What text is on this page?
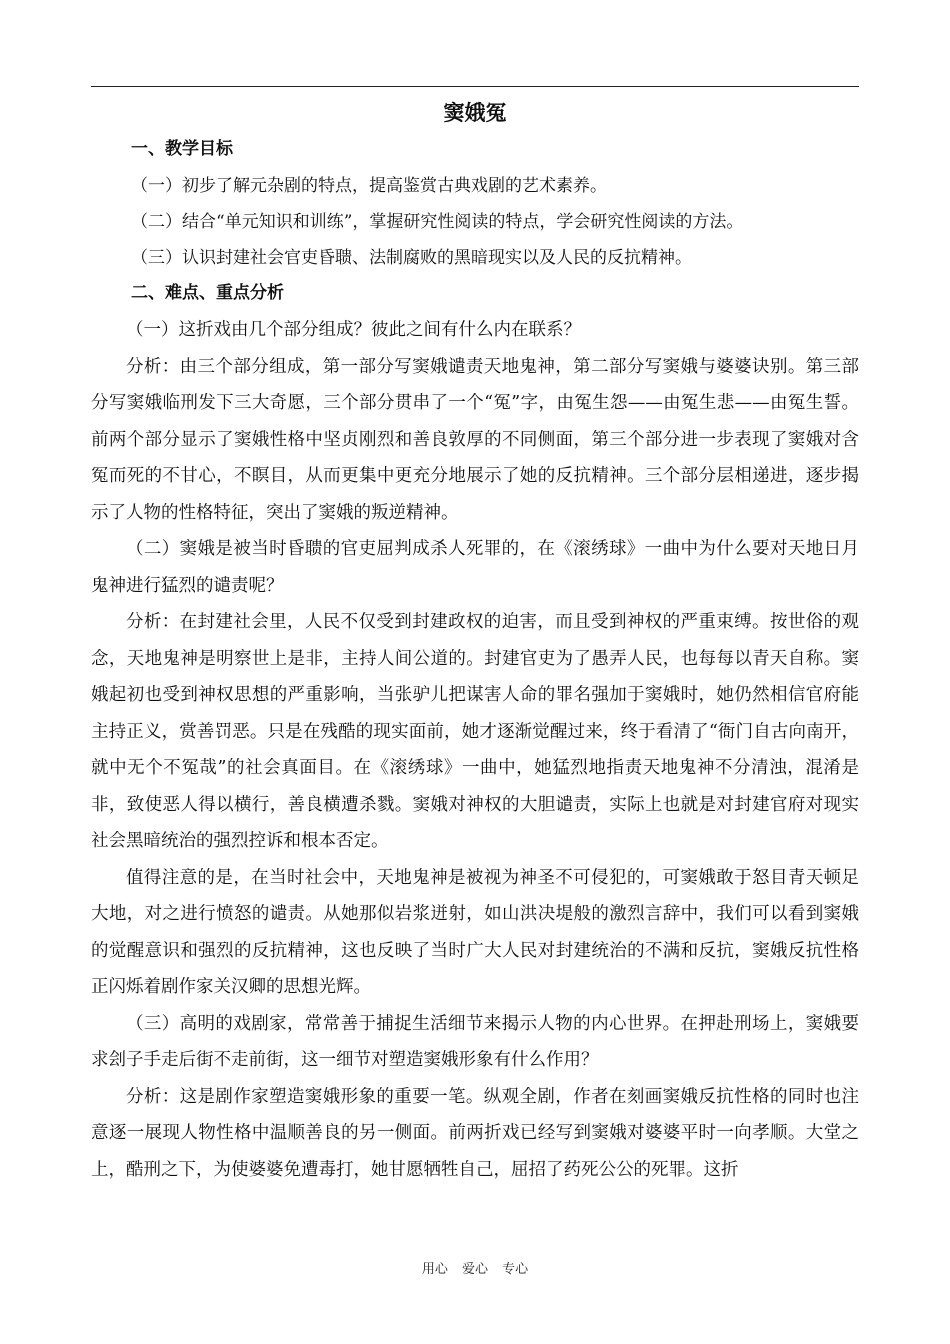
窦娥冤
一、教学目标

（一）初步了解元杂剧的特点，提高鉴赏古典戏剧的艺术素养。

（二）结合“单元知识和训练”，掌握研究性阅读的特点，学会研究性阅读的方法。

（三）认识封建社会官吏昏聩、法制腐败的黑暗现实以及人民的反抗精神。

二、难点、重点分析

（一）这折戏由几个部分组成？彼此之间有什么内在联系？

分析：由三个部分组成，第一部分写窦娥谴责天地鬼神，第二部分写窦娥与婆婆诀别。第三部分写窦娥临刑发下三大奇愿，三个部分贯串了一个“冤”字，由冤生怨——由冤生悲——由冤生誓。前两个部分显示了窦娥性格中坚贞刚烈和善良敦厚的不同侧面，第三个部分进一步表现了窦娥对含冤而死的不甘心，不瞑目，从而更集中更充分地展示了她的反抗精神。三个部分层相递进，逐步揭示了人物的性格特征，突出了窦娥的叛逆精神。

（二）窦娥是被当时昏聩的官吏屈判成杀人死罪的，在《滚绣球》一曲中为什么要对天地日月鬼神进行猛烈的谴责呢？

分析：在封建社会里，人民不仅受到封建政权的迫害，而且受到神权的严重束缚。按世俗的观念，天地鬼神是明察世上是非，主持人间公道的。封建官吏为了愚弄人民，也每每以青天自称。窦娥起初也受到神权思想的严重影响，当张驴儿把谋害人命的罪名强加于窦娥时，她仍然相信官府能主持正义，赏善罚恶。只是在残酷的现实面前，她才逐渐觉醒过来，终于看清了“衙门自古向南开，就中无个不冤哉”的社会真面目。在《滚绣球》一曲中，她猛烈地指责天地鬼神不分清浊，混淆是非，致使恶人得以横行，善良横遭杀戮。窦娥对神权的大胆谴责，实际上也就是对封建官府对现实社会黑暗统治的强烈控诉和根本否定。

值得注意的是，在当时社会中，天地鬼神是被视为神圣不可侵犯的，可窦娥敢于怒目青天顿足大地，对之进行愤怒的谴责。从她那似岩浆迸射，如山洪决堤般的激烈言辞中，我们可以看到窦娥的觉醒意识和强烈的反抗精神，这也反映了当时广大人民对封建统治的不满和反抗，窦娥反抗性格正闪烁着剧作家关汉卿的思想光辉。

（三）高明的戏剧家，常常善于捕捉生活细节来揭示人物的内心世界。在押赴刑场上，窦娥要求刽子手走后街不走前街，这一细节对塑造窦娥形象有什么作用？

分析：这是剧作家塑造窦娥形象的重要一笔。纵观全剧，作者在刻画窦娥反抗性格的同时也注意逐一展现人物性格中温顺善良的另一侧面。前两折戏已经写到窦娥对婆婆平时一向孝顺。大堂之上，酷刑之下，为使婆婆免遭毒打，她甘愿牺牲自己，屈招了药死公公的死罪。这折

用心 爱心 专心
